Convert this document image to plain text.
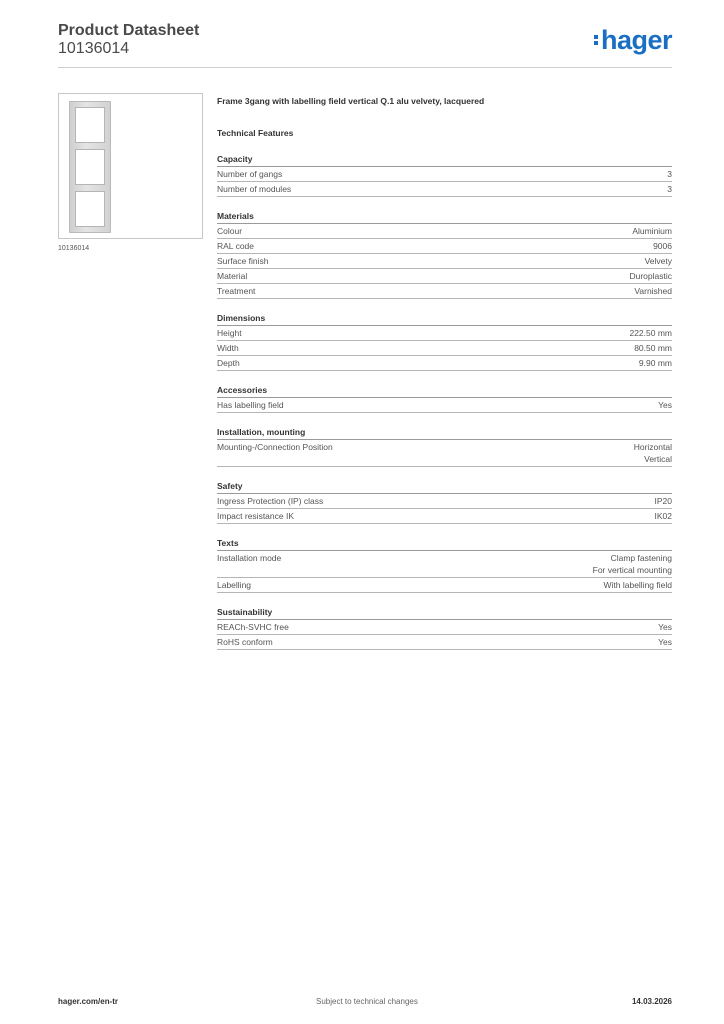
Product Datasheet
10136014	hager
10136014
Frame 3gang with labelling field vertical Q.1 alu velvety, lacquered
Technical Features
Capacity
Number of gangs	3
Number of modules	3
Materials
Colour	Aluminium
RAL code	9006
Surface finish	Velvety
Material	Duroplastic
Treatment	Varnished
Dimensions
Height	222.50 mm
Width	80.50 mm
Depth	9.90 mm
Accessories
Has labelling field	Yes
Installation, mounting
Mounting-/Connection Position	Horizontal
Vertical
Safety
Ingress Protection (IP) class	IP20
Impact resistance IK	IK02
Texts
Installation mode	Clamp fastening
For vertical mounting
Labelling	With labelling field
Sustainability
REACh-SVHC free	Yes
RoHS conform	Yes
hager.com/en-tr	Subject to technical changes	14.03.2026
